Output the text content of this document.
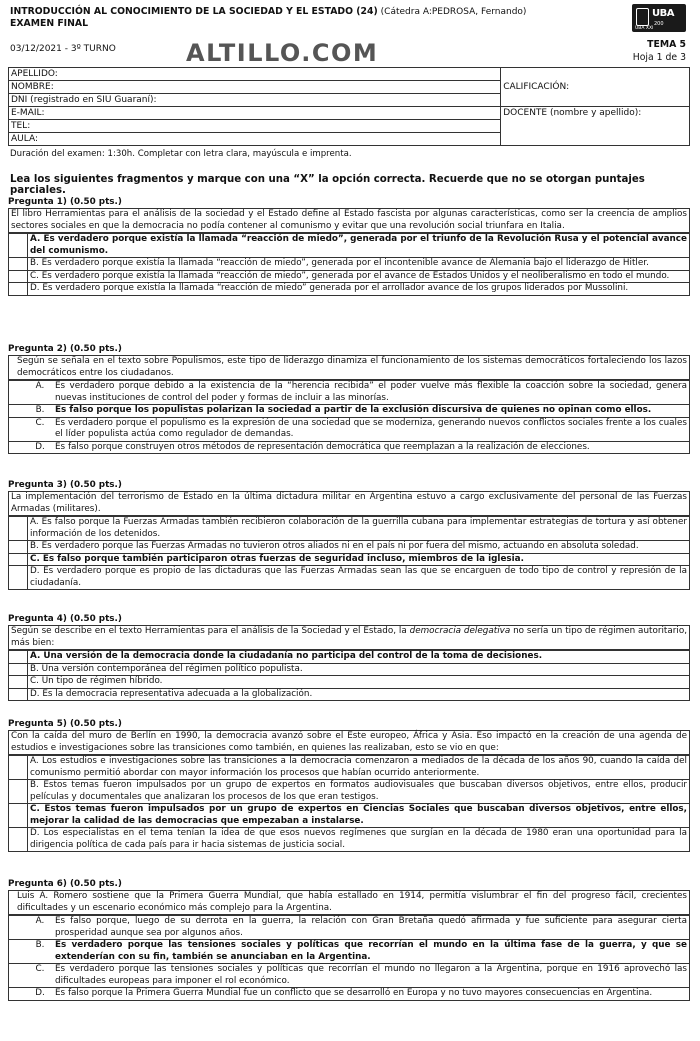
INTRODUCCIÓN AL CONOCIMIENTO DE LA SOCIEDAD Y EL ESTADO (24) (Cátedra A:PEDROSA, Fernando)
EXAMEN FINAL
UBA
200
UBA XXI
03/12/2021 - 3º TURNO	ALTILLO.COM	TEMA 5
Hoja 1 de 3
APELLIDO:	CALIFICACIÓN:
NOMBRE:	
DNI (registrado en SIU Guaraní):	
E-MAIL:	DOCENTE (nombre y apellido):
TEL:	
AULA:	
Duración del examen: 1:30h. Completar con letra clara, mayúscula e imprenta.
Lea los siguientes fragmentos y marque con una “X” la opción correcta. Recuerde que no se otorgan puntajes parciales.
Pregunta 1) (0.50 pts.)
El libro Herramientas para el análisis de la sociedad y el Estado define al Estado fascista por algunas características, como ser la creencia de amplios sectores sociales en que la democracia no podía contener al comunismo y evitar que una revolución social triunfara en Italia.
A. Es verdadero porque existía la llamada “reacción de miedo”, generada por el triunfo de la Revolución Rusa y el potencial avance del comunismo.
B. Es verdadero porque existía la llamada “reacción de miedo”, generada por el incontenible avance de Alemania bajo el liderazgo de Hitler.
C. Es verdadero porque existía la llamada “reacción de miedo”, generada por el avance de Estados Unidos y el neoliberalismo en todo el mundo.
D. Es verdadero porque existía la llamada “reacción de miedo” generada por el arrollador avance de los grupos liderados por Mussolini.
Pregunta 2) (0.50 pts.)
Según se señala en el texto sobre Populismos, este tipo de liderazgo dinamiza el funcionamiento de los sistemas democráticos fortaleciendo los lazos democráticos entre los ciudadanos.
A.	Es verdadero porque debido a la existencia de la “herencia recibida” el poder vuelve más flexible la coacción sobre la sociedad, genera nuevas instituciones de control del poder y formas de incluir a las minorías.
B.	Es falso porque los populistas polarizan la sociedad a partir de la exclusión discursiva de quienes no opinan como ellos.
C.	Es verdadero porque el populismo es la expresión de una sociedad que se moderniza, generando nuevos conflictos sociales frente a los cuales el líder populista actúa como regulador de demandas.
D.	Es falso porque construyen otros métodos de representación democrática que reemplazan a la realización de elecciones.
Pregunta 3) (0.50 pts.)
La implementación del terrorismo de Estado en la última dictadura militar en Argentina estuvo a cargo exclusivamente del personal de las Fuerzas Armadas (militares).
A. Es falso porque la Fuerzas Armadas también recibieron colaboración de la guerrilla cubana para implementar estrategias de tortura y así obtener información de los detenidos.
B. Es verdadero porque las Fuerzas Armadas no tuvieron otros aliados ni en el país ni por fuera del mismo, actuando en absoluta soledad.
C. Es falso porque también participaron otras fuerzas de seguridad incluso, miembros de la iglesia.
D. Es verdadero porque es propio de las dictaduras que las Fuerzas Armadas sean las que se encarguen de todo tipo de control y represión de la ciudadanía.
Pregunta 4) (0.50 pts.)
Según se describe en el texto Herramientas para el análisis de la Sociedad y el Estado, la democracia delegativa no sería un tipo de régimen autoritario, más bien:
A. Una versión de la democracia donde la ciudadanía no participa del control de la toma de decisiones.
B. Una versión contemporánea del régimen político populista.
C. Un tipo de régimen híbrido.
D. Es la democracia representativa adecuada a la globalización.
Pregunta 5) (0.50 pts.)
Con la caída del muro de Berlín en 1990, la democracia avanzó sobre el Este europeo, África y Asia. Eso impactó en la creación de una agenda de estudios e investigaciones sobre las transiciones como también, en quienes las realizaban, esto se vio en que:
A. Los estudios e investigaciones sobre las transiciones a la democracia comenzaron a mediados de la década de los años 90, cuando la caída del comunismo permitió abordar con mayor información los procesos que habían ocurrido anteriormente.
B. Estos temas fueron impulsados por un grupo de expertos en formatos audiovisuales que buscaban diversos objetivos, entre ellos, producir películas y documentales que analizaran los procesos de los que eran testigos.
C. Estos temas fueron impulsados por un grupo de expertos en Ciencias Sociales que buscaban diversos objetivos, entre ellos, mejorar la calidad de las democracias que empezaban a instalarse.
D. Los especialistas en el tema tenían la idea de que esos nuevos regímenes que surgían en la década de 1980 eran una oportunidad para la dirigencia política de cada país para ir hacia sistemas de justicia social.
Pregunta 6) (0.50 pts.)
Luis A. Romero sostiene que la Primera Guerra Mundial, que había estallado en 1914, permitía vislumbrar el fin del progreso fácil, crecientes dificultades y un escenario económico más complejo para la Argentina.
A.	Es falso porque, luego de su derrota en la guerra, la relación con Gran Bretaña quedó afirmada y fue suficiente para asegurar cierta prosperidad aunque sea por algunos años.
B.	Es verdadero porque las tensiones sociales y políticas que recorrían el mundo en la última fase de la guerra, y que se extenderían con su fin, también se anunciaban en la Argentina.
C.	Es verdadero porque las tensiones sociales y políticas que recorrían el mundo no llegaron a la Argentina, porque en 1916 aprovechó las dificultades europeas para imponer el rol económico.
D.	Es falso porque la Primera Guerra Mundial fue un conflicto que se desarrolló en Europa y no tuvo mayores consecuencias en Argentina.
